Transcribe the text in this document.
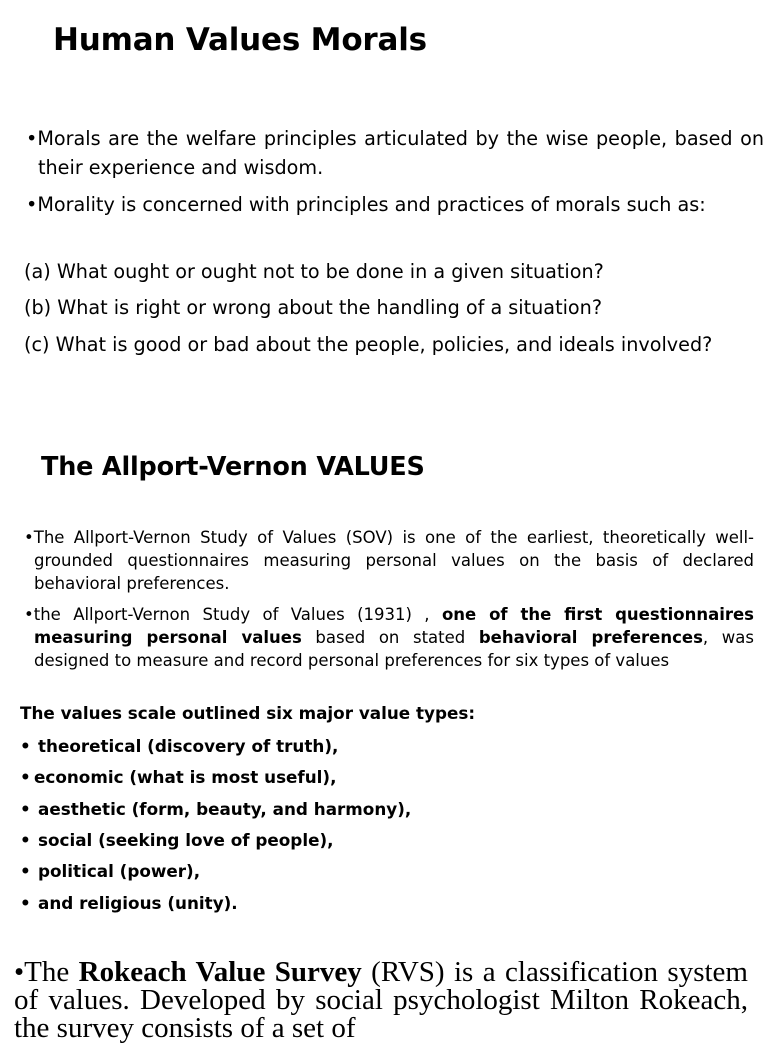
Human Values Morals
•Morals are the welfare principles articulated by the wise people, based on their experience and wisdom.
•Morality is concerned with principles and practices of morals such as:
(a) What ought or ought not to be done in a given situation?
(b) What is right or wrong about the handling of a situation?
(c) What is good or bad about the people, policies, and ideals involved?
The Allport-Vernon VALUES
•The Allport-Vernon Study of Values (SOV) is one of the earliest, theoretically well-grounded questionnaires measuring personal values on the basis of declared behavioral preferences.
•the Allport-Vernon Study of Values (1931) , one of the first questionnaires measuring personal values based on stated behavioral preferences, was designed to measure and record personal preferences for six types of values
The values scale outlined six major value types:
• theoretical (discovery of truth),
• economic (what is most useful),
• aesthetic (form, beauty, and harmony),
• social (seeking love of people),
• political (power),
• and religious (unity).
•The Rokeach Value Survey (RVS) is a classification system of values. Developed by social psychologist Milton Rokeach, the survey consists of a set of
